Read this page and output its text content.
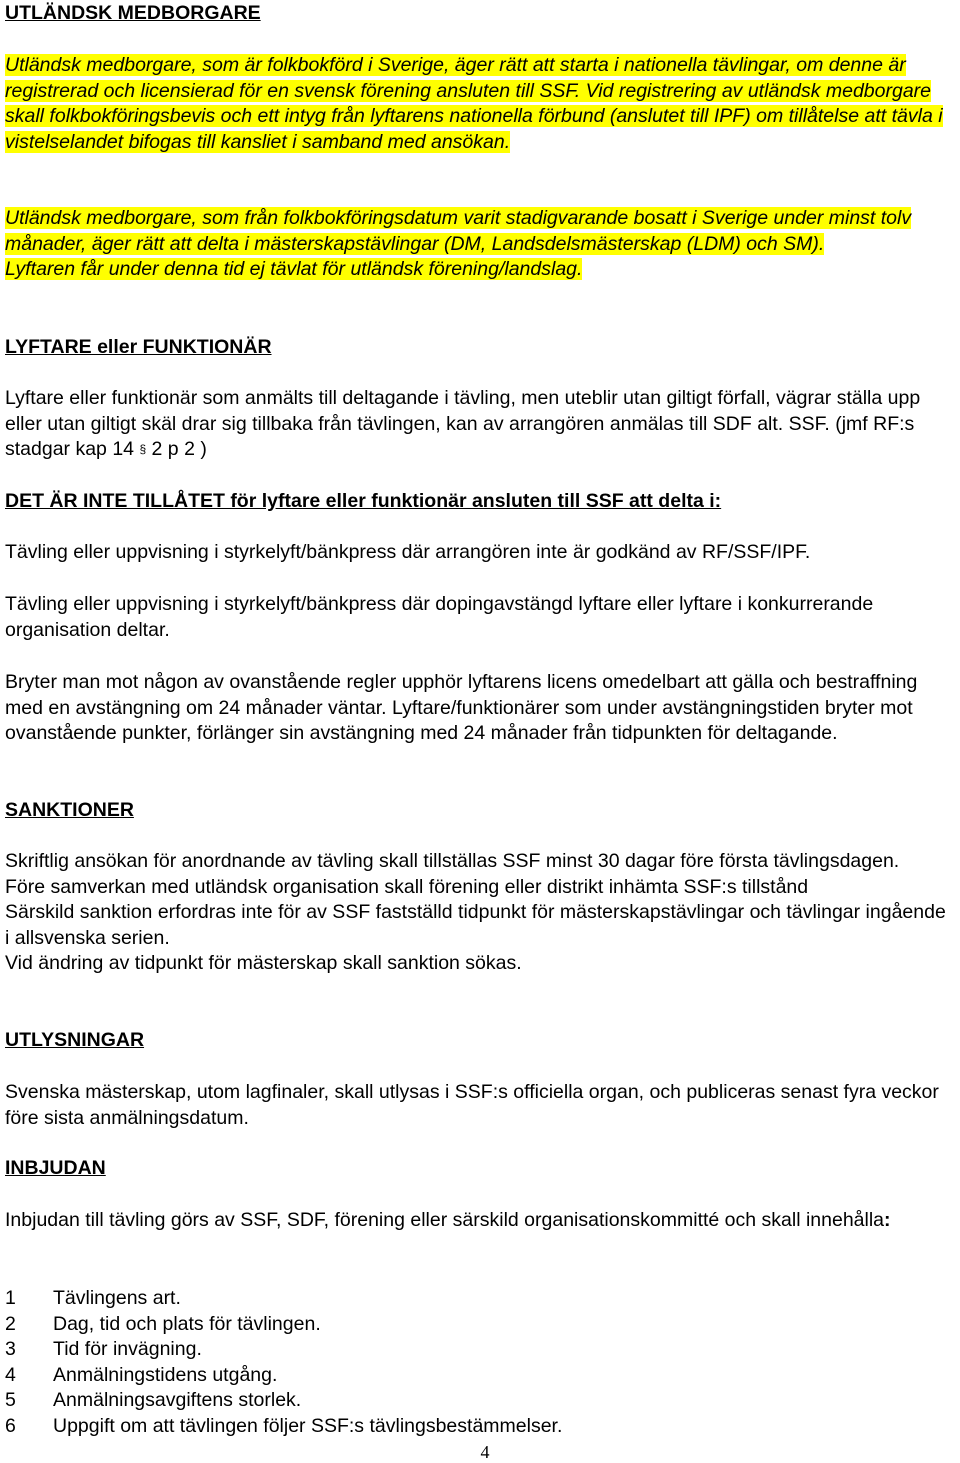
UTLÄNDSK MEDBORGARE

Utländsk medborgare, som är folkbokförd i Sverige, äger rätt att starta i nationella tävlingar, om denne är registrerad och licensierad för en svensk förening ansluten till SSF. Vid registrering av utländsk medborgare skall folkbokföringsbevis och ett intyg från lyftarens nationella förbund (anslutet till IPF) om tillåtelse att tävla i vistelselandet bifogas till kansliet i samband med ansökan.

Utländsk medborgare, som från folkbokföringsdatum varit stadigvarande bosatt i Sverige under minst tolv månader, äger rätt att delta i mästerskapstävlingar (DM, Landsdelsmästerskap (LDM) och SM).
Lyftaren får under denna tid ej tävlat för utländsk förening/landslag.

LYFTARE eller FUNKTIONÄR

Lyftare eller funktionär som anmälts till deltagande i tävling, men uteblir utan giltigt förfall, vägrar ställa upp eller utan giltigt skäl drar sig tillbaka från tävlingen, kan av arrangören anmälas till SDF alt. SSF. (jmf RF:s stadgar kap 14 § 2 p 2 )

DET ÄR INTE TILLÅTET för lyftare eller funktionär ansluten till SSF att delta i:

Tävling eller uppvisning i styrkelyft/bänkpress där arrangören inte är godkänd av RF/SSF/IPF.

Tävling eller uppvisning i styrkelyft/bänkpress där dopingavstängd lyftare eller lyftare i konkurrerande organisation deltar.

Bryter man mot någon av ovanstående regler upphör lyftarens licens omedelbart att gälla och bestraffning med en avstängning om 24 månader väntar. Lyftare/funktionärer som under avstängningstiden bryter mot ovanstående punkter, förlänger sin avstängning med 24 månader från tidpunkten för deltagande.

SANKTIONER

Skriftlig ansökan för anordnande av tävling skall tillställas SSF minst 30 dagar före första tävlingsdagen.
Före samverkan med utländsk organisation skall förening eller distrikt inhämta SSF:s tillstånd
Särskild sanktion erfordras inte för av SSF fastställd tidpunkt för mästerskapstävlingar och tävlingar ingående i allsvenska serien.
Vid ändring av tidpunkt för mästerskap skall sanktion sökas.

UTLYSNINGAR

Svenska mästerskap, utom lagfinaler, skall utlysas i SSF:s officiella organ, och publiceras senast fyra veckor före sista anmälningsdatum.

INBJUDAN

Inbjudan till tävling görs av SSF, SDF, förening eller särskild organisationskommitté och skall innehålla:

1 Tävlingens art.
2 Dag, tid och plats för tävlingen.
3 Tid för invägning.
4 Anmälningstidens utgång.
5 Anmälningsavgiftens storlek.
6 Uppgift om att tävlingen följer SSF:s tävlingsbestämmelser.
4
